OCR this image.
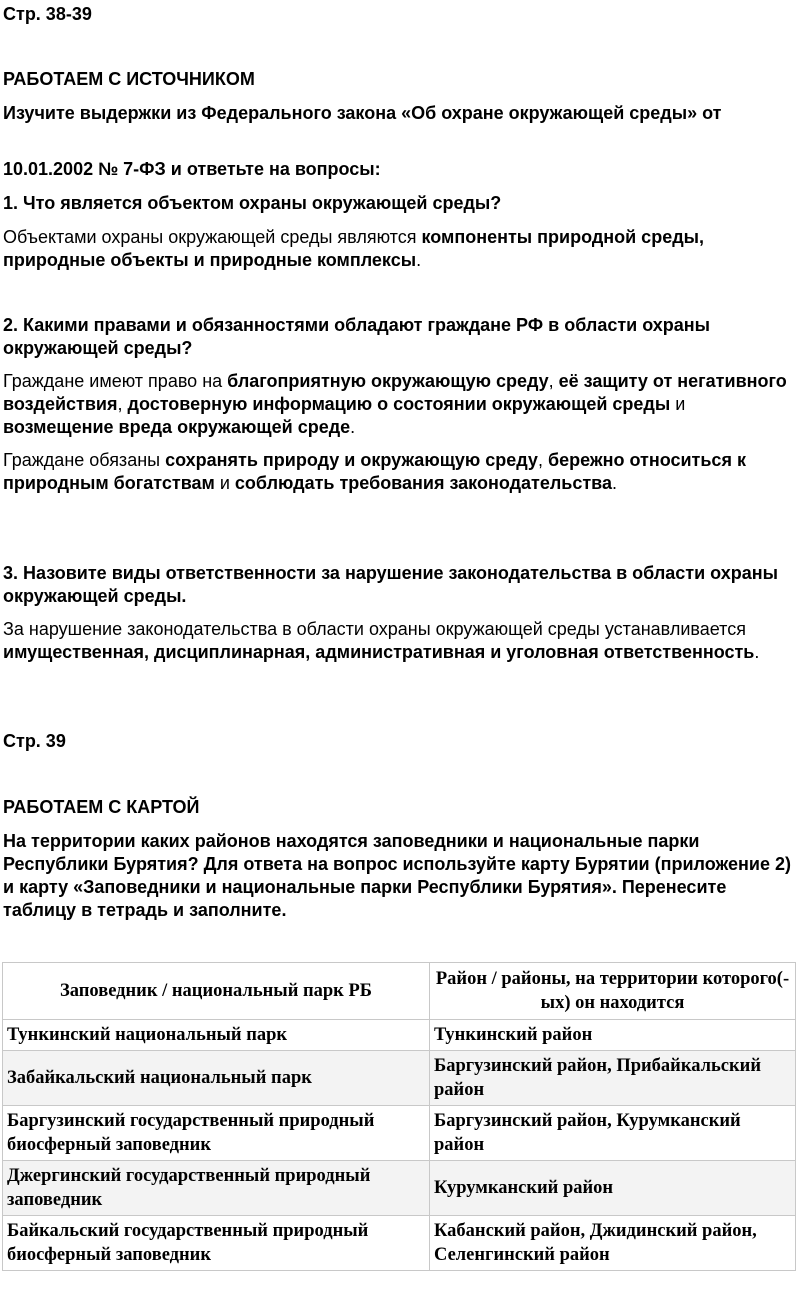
Стр. 38-39

РАБОТАЕМ С ИСТОЧНИКОМ

Изучите выдержки из Федерального закона «Об охране окружающей среды» от

10.01.2002 № 7-ФЗ и ответьте на вопросы:

1. Что является объектом охраны окружающей среды?

Объектами охраны окружающей среды являются компоненты природной среды, природные объекты и природные комплексы.

2. Какими правами и обязанностями обладают граждане РФ в области охраны окружающей среды?

Граждане имеют право на благоприятную окружающую среду, её защиту от негативного воздействия, достоверную информацию о состоянии окружающей среды и возмещение вреда окружающей среде.

Граждане обязаны сохранять природу и окружающую среду, бережно относиться к природным богатствам и соблюдать требования законодательства.

3. Назовите виды ответственности за нарушение законодательства в области охраны окружающей среды.

За нарушение законодательства в области охраны окружающей среды устанавливается имущественная, дисциплинарная, административная и уголовная ответственность.

Стр. 39

РАБОТАЕМ С КАРТОЙ

На территории каких районов находятся заповедники и национальные парки Республики Бурятия? Для ответа на вопрос используйте карту Бурятии (приложение 2) и карту «Заповедники и национальные парки Республики Бурятия». Перенесите таблицу в тетрадь и заполните.

Заповедник / национальный парк РБ	Район / районы, на территории которого(-ых) он находится
Тункинский национальный парк	Тункинский район
Забайкальский национальный парк	Баргузинский район, Прибайкальский район
Баргузинский государственный природный биосферный заповедник	Баргузинский район, Курумканский район
Джергинский государственный природный заповедник	Курумканский район
Байкальский государственный природный биосферный заповедник	Кабанский район, Джидинский район, Селенгинский район
